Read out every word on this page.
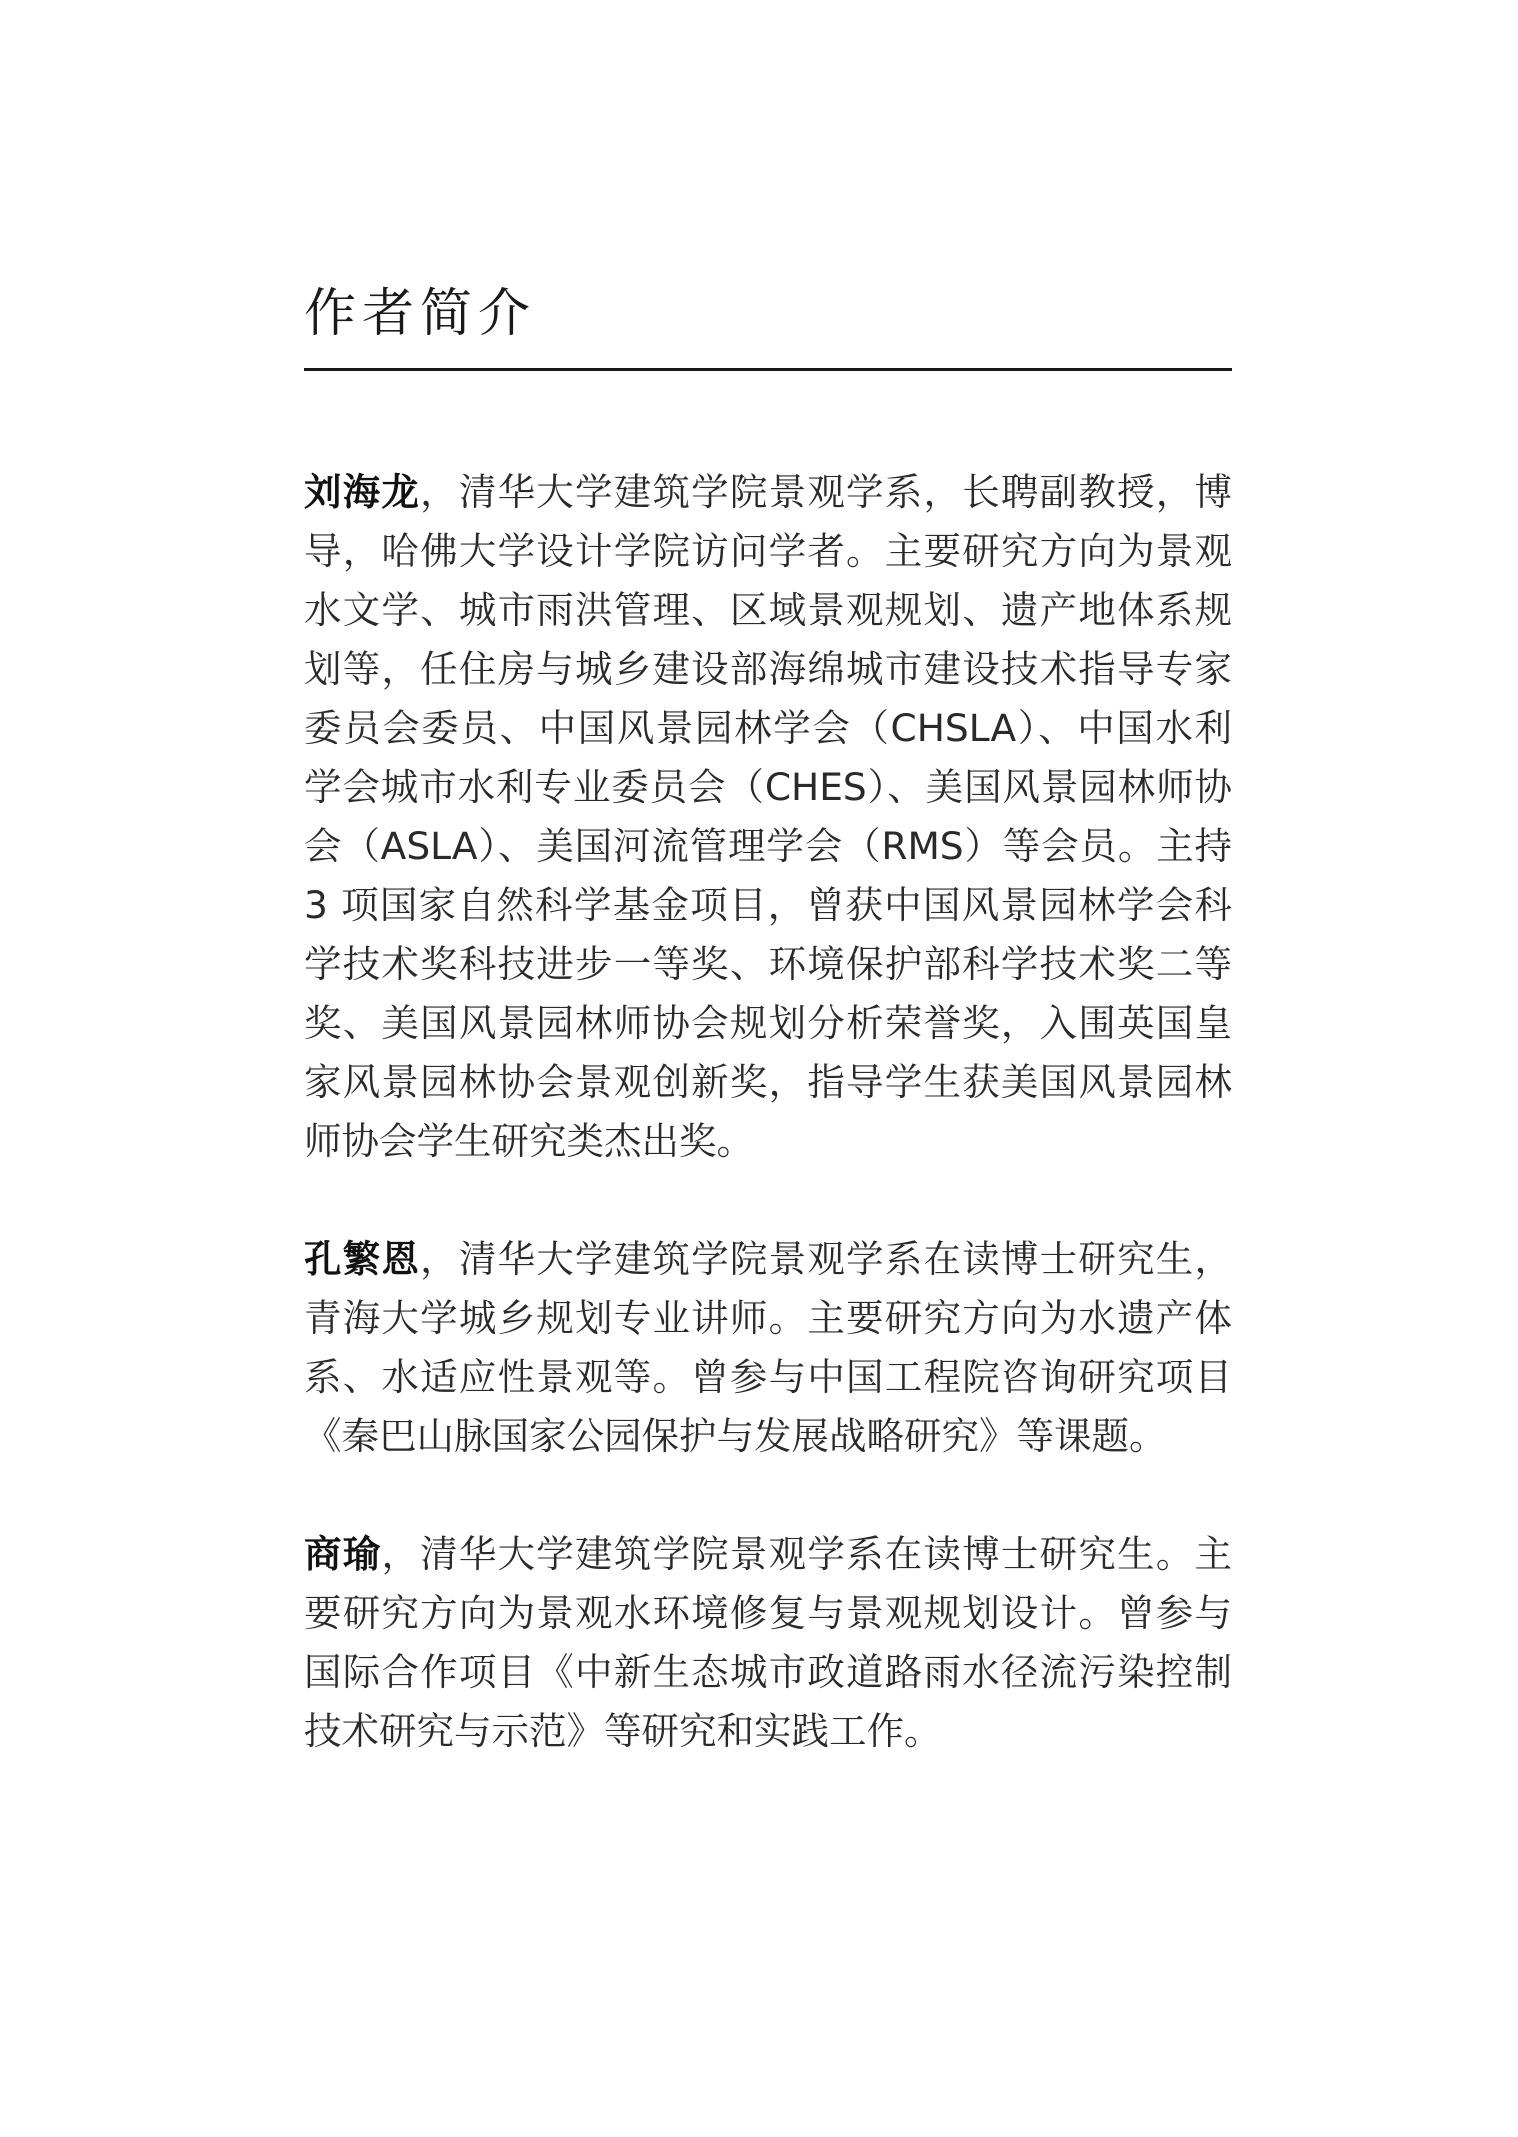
作者简介

刘海龙，清华大学建筑学院景观学系，长聘副教授，博导，哈佛大学设计学院访问学者。主要研究方向为景观水文学、城市雨洪管理、区域景观规划、遗产地体系规划等，任住房与城乡建设部海绵城市建设技术指导专家委员会委员、中国风景园林学会（CHSLA）、中国水利学会城市水利专业委员会（CHES）、美国风景园林师协会（ASLA）、美国河流管理学会（RMS）等会员。主持 3 项国家自然科学基金项目，曾获中国风景园林学会科学技术奖科技进步一等奖、环境保护部科学技术奖二等奖、美国风景园林师协会规划分析荣誉奖，入围英国皇家风景园林协会景观创新奖，指导学生获美国风景园林师协会学生研究类杰出奖。

孔繁恩，清华大学建筑学院景观学系在读博士研究生，青海大学城乡规划专业讲师。主要研究方向为水遗产体系、水适应性景观等。曾参与中国工程院咨询研究项目《秦巴山脉国家公园保护与发展战略研究》等课题。

商瑜，清华大学建筑学院景观学系在读博士研究生。主要研究方向为景观水环境修复与景观规划设计。曾参与国际合作项目《中新生态城市政道路雨水径流污染控制技术研究与示范》等研究和实践工作。
